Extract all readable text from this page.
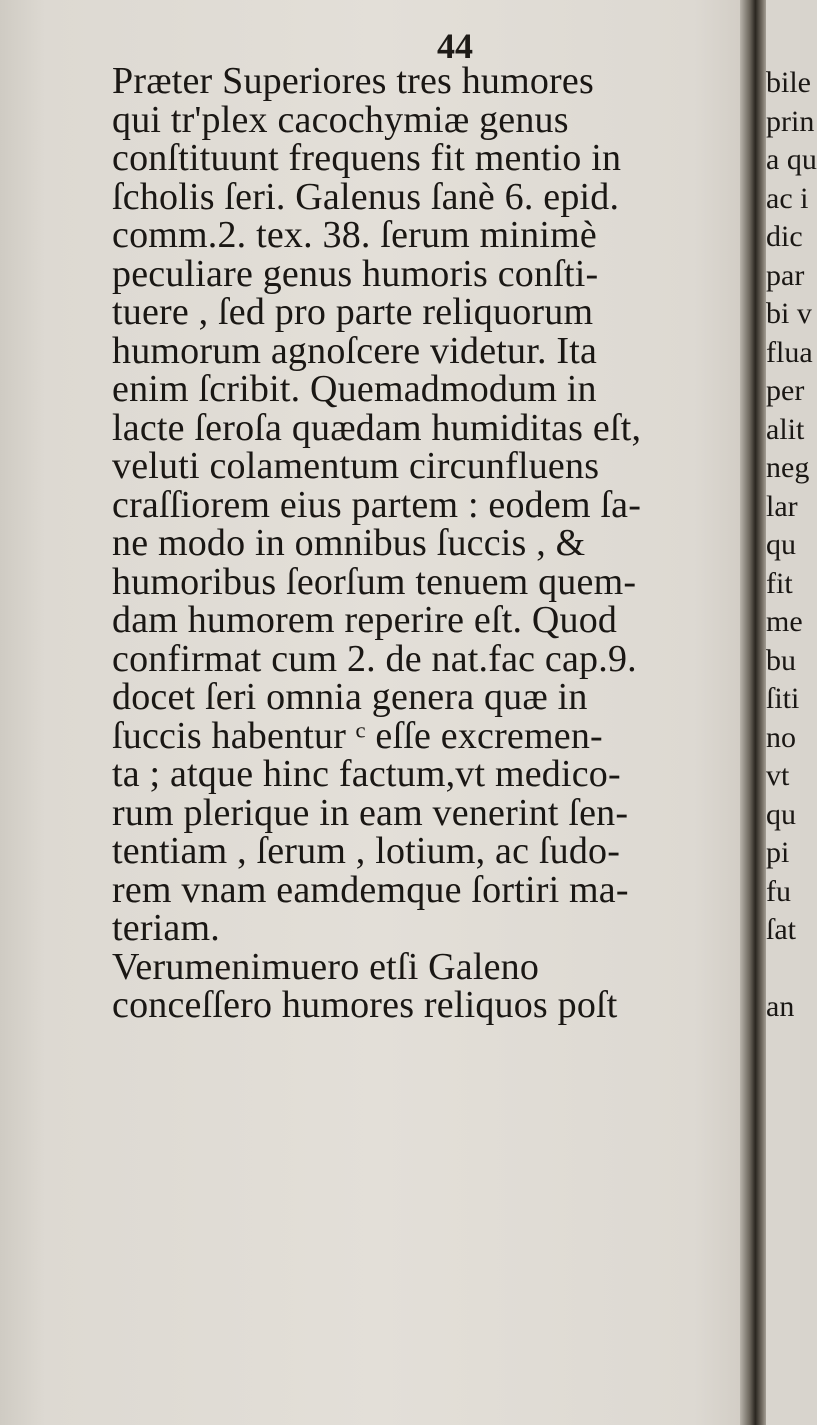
44
Præter Superiores tres humores
qui tr'plex cacochymiæ genus
conſtituunt frequens fit mentio in
ſcholis ſeri. Galenus ſanè 6. epid.
comm.2. tex. 38. ſerum minimè
peculiare genus humoris conſti-
tuere , ſed pro parte reliquorum
humorum agnoſcere videtur. Ita
enim ſcribit. Quemadmodum in
lacte ſeroſa quædam humiditas eſt,
veluti colamentum circunfluens
craſſiorem eius partem : eodem ſa-
ne modo in omnibus ſuccis , &
humoribus ſeorſum tenuem quem-
dam humorem reperire eſt. Quod
confirmat cum 2. de nat.fac cap.9.
docet ſeri omnia genera quæ in
ſuccis habentur ᶜ eſſe excremen-
ta ; atque hinc factum,vt medico-
rum plerique in eam venerint ſen-
tentiam , ſerum , lotium, ac ſudo-
rem vnam eamdemque ſortiri ma-
teriam.
Verumenimuero etſi Galeno
conceſſero humores reliquos poſt
bile
prin
a qu
ac i
dic
par
bi v
flua
per
alit
neg
lar
qu
fit
me
bu
ſiti
no
vt
qu
pi
fu
ſat
an
